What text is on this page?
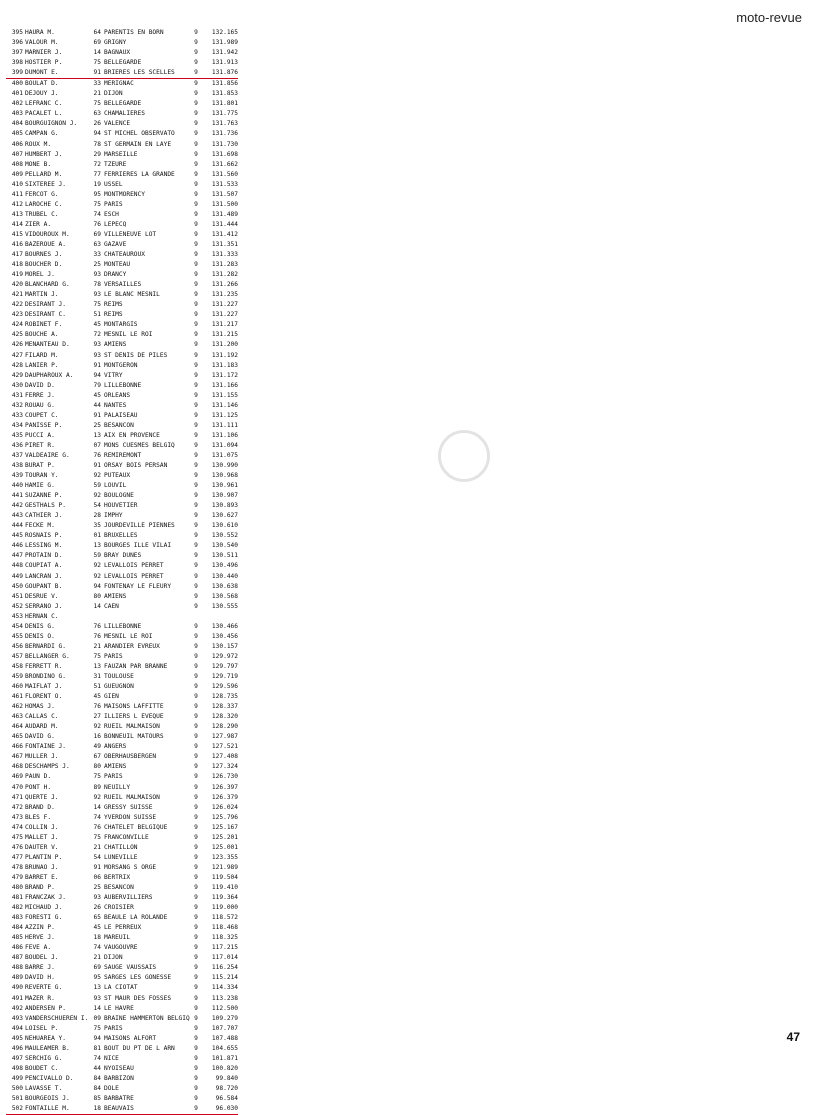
moto-revue
395 HAURA M.	64 PARENTIS EN BORN	9	132.165
396 VALOUR M.	69 GRIGNY	9	131.989
397 MARNIER J.	14 BAGNAUX	9	131.942
398 HOSTIER P.	75 BELLEGARDE	9	131.913
399 DUMONT E.	91 BRIERES LES SCELLES	9	131.876
400 BOULAT D.	33 MERIGNAC	9	131.856
401 DEJOUY J.	21 DIJON	9	131.853
402 LEFRANC C.	75 BELLEGARDE	9	131.801
403 PACALET L.	63 CHAMALIERES	9	131.775
404 BOURGUIGNON J.	26 VALENCE	9	131.763
405 CAMPAN G.	94 ST MICHEL OBSERVATO	9	131.736
406 ROUX M.	78 ST GERMAIN EN LAYE	9	131.730
407 HUMBERT J.	29 MARSEILLE	9	131.698
408 MONE B.	72 TZEURE	9	131.662
409 PELLARD M.	77 FERRIERES LA GRANDE	9	131.560
410 SIXTEREE J.	19 USSEL	9	131.533
411 FERCOT G.	95 MONTMORENCY	9	131.507
412 LAROCHE C.	75 PARIS	9	131.500
413 TRUBEL C.	74 ESCH	9	131.489
414 ZIER A.	76 LEPECQ	9	131.444
415 VIDOUROUX M.	69 VILLENEUVE LOT	9	131.412
416 BAZEROUE A.	63 GAZAVE	9	131.351
417 BOURNES J.	33 CHATEAUROUX	9	131.333
418 BOUCHER D.	25 MONTEAU	9	131.283
419 MOREL J.	93 DRANCY	9	131.282
420 BLANCHARD G.	78 VERSAILLES	9	131.266
421 MARTIN J.	93 LE BLANC MESNIL	9	131.235
422 DESIRANT J.	75 REIMS	9	131.227
423 DESIRANT C.	51 REIMS	9	131.227
424 ROBINET F.	45 MONTARGIS	9	131.217
425 BOUCHE A.	72 MESNIL LE ROI	9	131.215
426 MENANTEAU D.	93 AMIENS	9	131.200
427 FILARD M.	93 ST DENIS DE PILES	9	131.192
428 LANIER P.	91 MONTGERON	9	131.183
429 DAUPHAROUX A.	94 VITRY	9	131.172
430 DAVID D.	79 LILLEBONNE	9	131.166
431 FERRE J.	45 ORLEANS	9	131.155
432 ROUAU G.	44 NANTES	9	131.146
433 COUPET C.	91 PALAISEAU	9	131.125
434 PANISSE P.	25 BESANCON	9	131.111
435 PUCCI A.	13 AIX EN PROVENCE	9	131.106
436 PIRET R.	07 MONS CUESMES BELGIQ	9	131.094
437 VALDEAIRE G.	76 REMIREMONT	9	131.075
438 BURAT P.	91 ORSAY BOIS PERSAN	9	130.990
439 TOURAN Y.	92 PUTEAUX	9	130.968
440 HAMIE G.	59 LOUVIL	9	130.961
441 SUZANNE P.	92 BOULOGNE	9	130.907
442 GESTHALS P.	54 HOUVETIER	9	130.893
443 CATHIER J.	28 IMPHY	9	130.627
444 FECKE M.	35 JOURDEVILLE PIENNES	9	130.610
445 ROSNAIS P.	01 BRUXELLES	9	130.552
446 LESSING M.	13 BOURGES ILLE VILAI	9	130.540
447 PROTAIN D.	59 BRAY DUNES	9	130.511
448 COUPIAT A.	92 LEVALLOIS PERRET	9	130.496
449 LANCRAN J.	92 LEVALLOIS PERRET	9	130.440
450 GOUPANT B.	94 FONTENAY LE FLEURY	9	130.638
451 DESRUE V.	80 AMIENS	9	130.568
452 SERRANO J.	14 CAEN	9	130.555
453 HERNAN C.
454 DENIS G.	76 LILLEBONNE	9	130.466
455 DENIS O.	76 MESNIL LE ROI	9	130.456
456 BERNARDI G.	21 ARANDIER EVREUX	9	130.157
457 BELLANGER G.	75 PARIS	9	129.972
458 FERRETT R.	13 FAUZAN PAR BRANNE	9	129.797
459 BRONDINO G.	31 TOULOUSE	9	129.719
460 MAIFLAT J.	51 GUEUGNON	9	129.596
461 FLORENT O.	45 GIEN	9	128.735
462 HOMAS J.	76 MAISONS LAFFITTE	9	128.337
463 CALLAS C.	27 ILLIERS L EVEQUE	9	128.320
464 AUDARD M.	92 RUEIL MALMAISON	9	128.290
465 DAVID G.	16 BONNEUIL MATOURS	9	127.987
466 FONTAINE J.	49 ANGERS	9	127.521
467 MULLER J.	67 OBERHAUSBERGEN	9	127.408
468 DESCHAMPS J.	80 AMIENS	9	127.324
469 PAUN D.	75 PARIS	9	126.730
470 PONT H.	89 NEUILLY	9	126.397
471 QUERTE J.	92 RUEIL MALMAISON	9	126.379
472 BRAND D.	14 GRESSY SUISSE	9	126.024
473 BLES F.	74 YVERDON SUISSE	9	125.796
474 COLLIN J.	76 CHATELET BELGIQUE	9	125.167
475 MALLET J.	75 FRANCONVILLE	9	125.201
476 DAUTER V.	21 CHATILLON	9	125.001
477 PLANTIN P.	54 LUNEVILLE	9	123.355
478 BRUNAO J.	91 MORSANG S ORGE	9	121.989
479 BARRET E.	06 BERTRIX	9	119.504
480 BRAND P.	25 BESANCON	9	119.410
481 FRANCZAK J.	93 AUBERVILLIERS	9	119.364
482 MICHAUD J.	26 CROISIER	9	119.000
483 FORESTI G.	65 BEAULE LA ROLANDE	9	118.572
484 AZZIN P.	45 LE PERREUX	9	118.468
485 HERVE J.	18 MAREUIL	9	118.325
486 FEVE A.	74 VAUGOUVRE	9	117.215
487 BOUDEL J.	21 DIJON	9	117.014
488 BARRE J.	69 SAUGE VAUSSAIS	9	116.254
489 DAVID H.	95 SARGES LES GONESSE	9	115.214
490 REVERTE G.	13 LA CIOTAT	9	114.334
491 MAZER R.	93 ST MAUR DES FOSSES	9	113.238
492 ANDERSEN P.	14 LE HAVRE	9	112.500
493 VANDERSCHUEREN I. 09 BRAINE HAMMERTON BELGIQ 9	109.279
494 LOISEL P.	75 PARIS	9	107.707
495 NEHUAREA Y.	94 MAISONS ALFORT	9	107.488
496 MAULEAMER B.	81 BOUT DU PT DE L ARN	9	104.655
497 SERCHIG G.	74 NICE	9	101.871
498 BOUDET C.	44 NYOISEAU	9	100.820
499 PENCIVALLO D.	84 BARBIZON	9	99.840
500 LAVASSE T.	84 DOLE	9	98.720
501 BOURGEOIS J.	85 BARBATRE	9	96.584
502 FONTAILLE M.	18 BEAUVAIS	9	96.030
47
